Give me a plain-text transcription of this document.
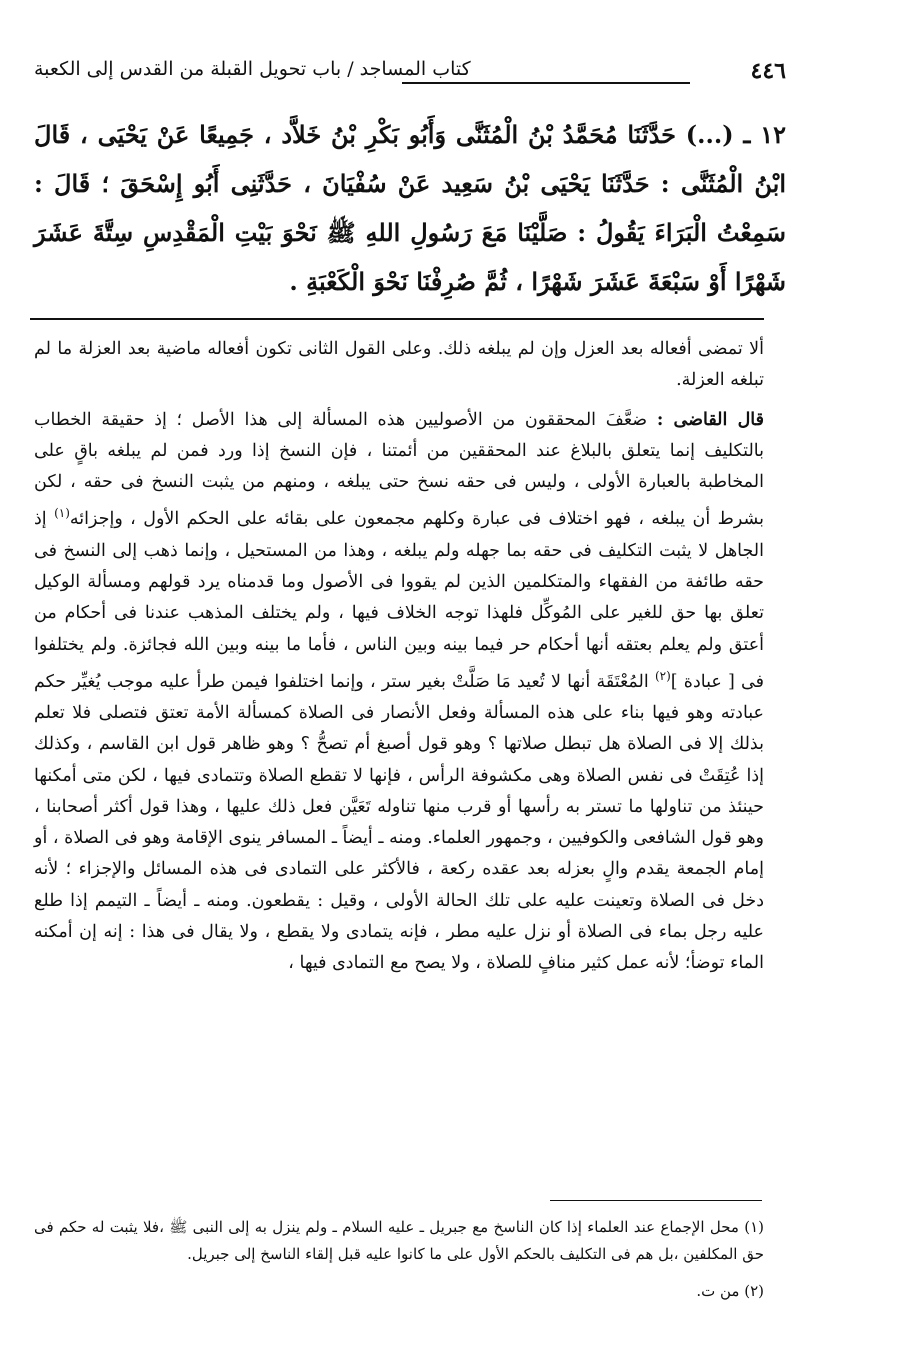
٤٤٦
كتاب المساجد / باب تحويل القبلة من القدس إلى الكعبة

١٢ ـ (...) حَدَّثَنَا مُحَمَّدُ بْنُ الْمُثَنَّى وَأَبُو بَكْرِ بْنُ خَلاَّد ، جَمِيعًا عَنْ يَحْيَى ، قَالَ ابْنُ الْمُثَنَّى : حَدَّثَنَا يَحْيَى بْنُ سَعِيد عَنْ سُفْيَانَ ، حَدَّثَنِى أَبُو إِسْحَقَ ؛ قَالَ : سَمِعْتُ الْبَرَاءَ يَقُولُ : صَلَّيْنَا مَعَ رَسُولِ اللهِ ﷺ نَحْوَ بَيْتِ الْمَقْدِسِ سِتَّةَ عَشَرَ شَهْرًا أَوْ سَبْعَةَ عَشَرَ شَهْرًا ، ثُمَّ صُرِفْنَا نَحْوَ الْكَعْبَةِ .

ألا تمضى أفعاله بعد العزل وإن لم يبلغه ذلك. وعلى القول الثانى تكون أفعاله ماضية بعد العزلة ما لم تبلغه العزلة.

قال القاضى : ضعَّفَ المحققون من الأصوليين هذه المسألة إلى هذا الأصل ؛ إذ حقيقة الخطاب بالتكليف إنما يتعلق بالبلاغ عند المحققين من أئمتنا ، فإن النسخ إذا ورد فمن لم يبلغه باقٍ على المخاطبة بالعبارة الأولى ، وليس فى حقه نسخ حتى يبلغه ، ومنهم من يثبت النسخ فى حقه ، لكن بشرط أن يبلغه ، فهو اختلاف فى عبارة وكلهم مجمعون على بقائه على الحكم الأول ، وإجزائه$^{(١)}$ إذ الجاهل لا يثبت التكليف فى حقه بما جهله ولم يبلغه ، وهذا من المستحيل ، وإنما ذهب إلى النسخ فى حقه طائفة من الفقهاء والمتكلمين الذين لم يقووا فى الأصول وما قدمناه يرد قولهم ومسألة الوكيل تعلق بها حق للغير على المُوكِّل فلهذا توجه الخلاف فيها ، ولم يختلف المذهب عندنا فى أحكام من أعتق ولم يعلم بعتقه أنها أحكام حر فيما بينه وبين الناس ، فأما ما بينه وبين الله فجائزة. ولم يختلفوا فى [ عبادة ]$^{(٢)}$ المُعْتَقَة أنها لا تُعيد مَا صَلَّتْ بغير ستر ، وإنما اختلفوا فيمن طرأ عليه موجب يُغيِّر حكم عبادته وهو فيها بناء على هذه المسألة وفعل الأنصار فى الصلاة كمسألة الأمة تعتق فتصلى فلا تعلم بذلك إلا فى الصلاة هل تبطل صلاتها ؟ وهو قول أصبغ أم تصحُّ ؟ وهو ظاهر قول ابن القاسم ، وكذلك إذا عُتِقَتْ فى نفس الصلاة وهى مكشوفة الرأس ، فإنها لا تقطع الصلاة وتتمادى فيها ، لكن متى أمكنها حينئذ من تناولها ما تستر به رأسها أو قرب منها تناوله تَعَيَّن فعل ذلك عليها ، وهذا قول أكثر أصحابنا ، وهو قول الشافعى والكوفيين ، وجمهور العلماء. ومنه ـ أيضاً ـ المسافر ينوى الإقامة وهو فى الصلاة ، أو إمام الجمعة يقدم والٍ بعزله بعد عقده ركعة ، فالأكثر على التمادى فى هذه المسائل والإجزاء ؛ لأنه دخل فى الصلاة وتعينت عليه على تلك الحالة الأولى ، وقيل : يقطعون. ومنه ـ أيضاً ـ التيمم إذا طلع عليه رجل بماء فى الصلاة أو نزل عليه مطر ، فإنه يتمادى ولا يقطع ، ولا يقال فى هذا : إنه إن أمكنه الماء توضأ؛ لأنه عمل كثير منافٍ للصلاة ، ولا يصح مع التمادى فيها ،

(١) محل الإجماع عند العلماء إذا كان الناسخ مع جبريل ـ عليه السلام ـ ولم ينزل به إلى النبى ﷺ ،فلا يثبت له حكم فى حق المكلفين ،بل هم فى التكليف بالحكم الأول على ما كانوا عليه قبل إلقاء الناسخ إلى جبريل.

(٢) من ت.
